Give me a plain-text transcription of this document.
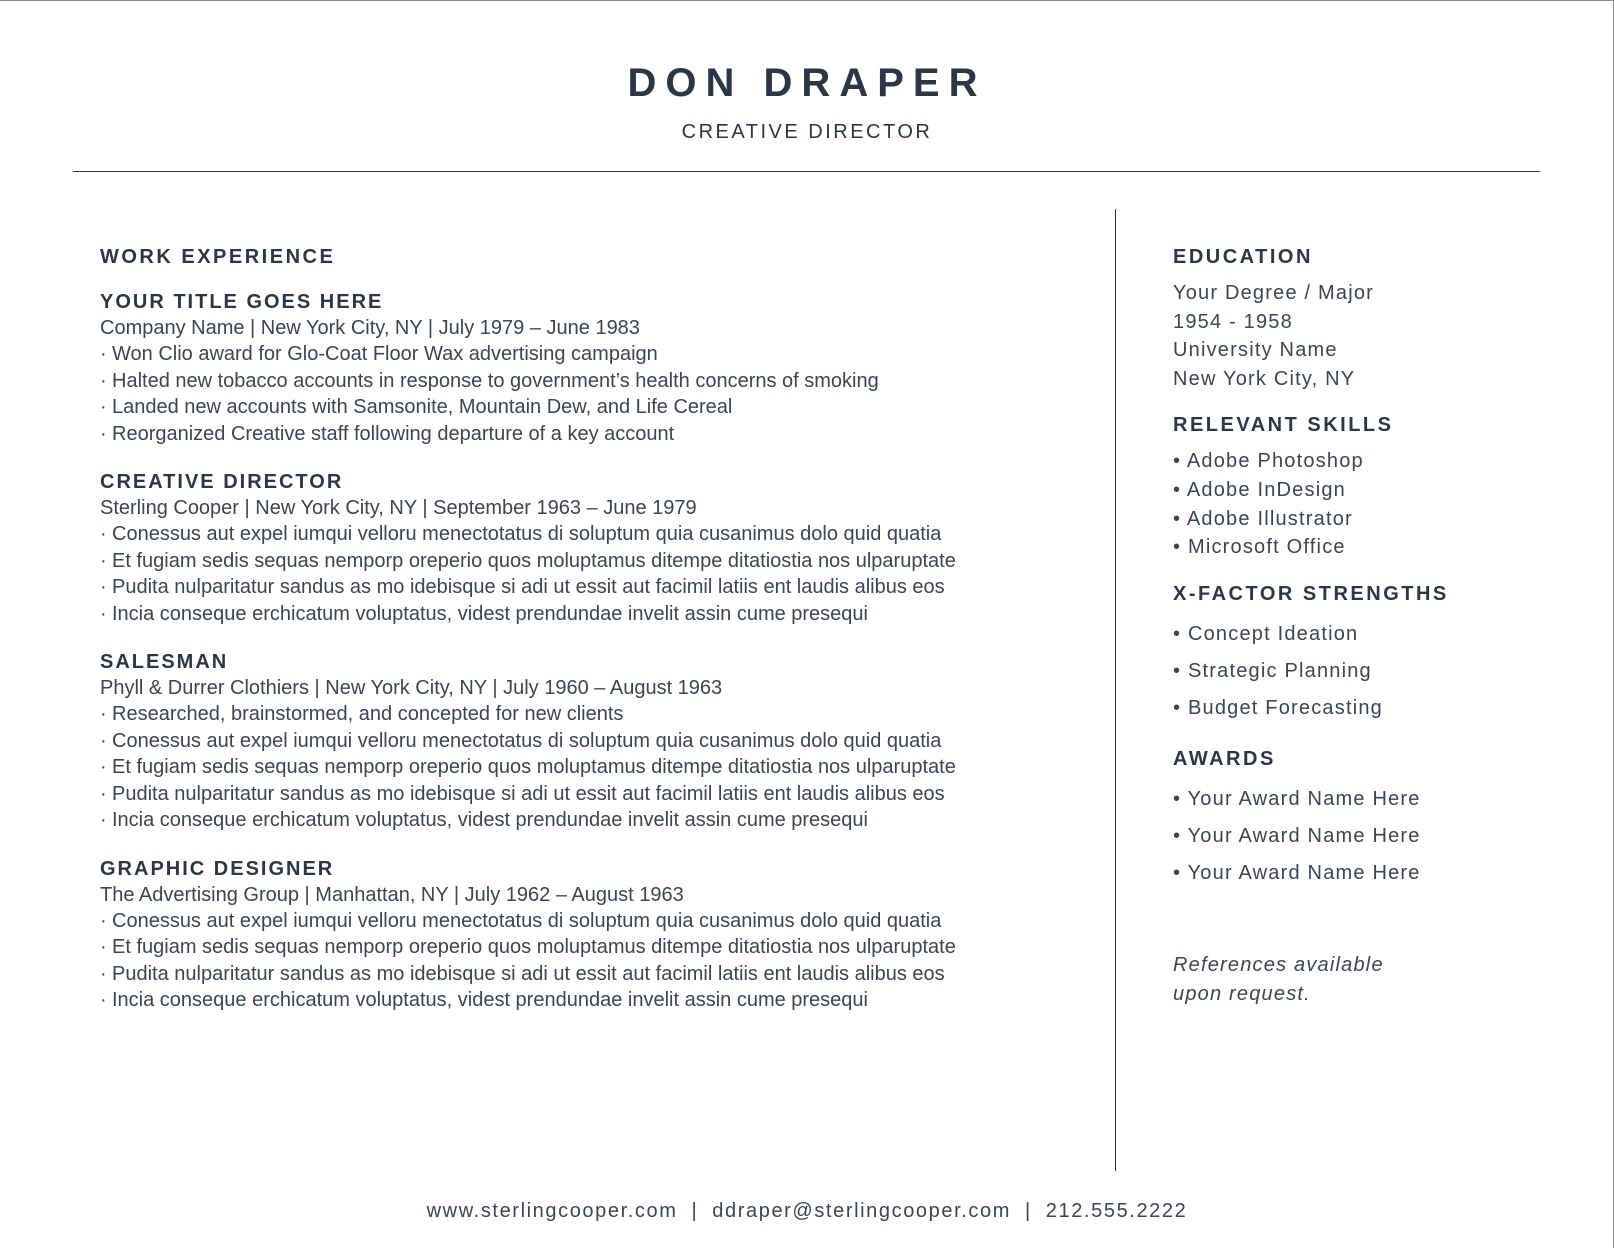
DON DRAPER
CREATIVE DIRECTOR
WORK EXPERIENCE
YOUR TITLE GOES HERE
Company Name | New York City, NY | July 1979 – June 1983
· Won Clio award for Glo-Coat Floor Wax advertising campaign
· Halted new tobacco accounts in response to government’s health concerns of smoking
· Landed new accounts with Samsonite, Mountain Dew, and Life Cereal
· Reorganized Creative staff following departure of a key account
CREATIVE DIRECTOR
Sterling Cooper | New York City, NY | September 1963 – June 1979
· Conessus aut expel iumqui velloru menectotatus di soluptum quia cusanimus dolo quid quatia
· Et fugiam sedis sequas nemporp oreperio quos moluptamus ditempe ditatiostia nos ulparuptate
· Pudita nulparitatur sandus as mo idebisque si adi ut essit aut facimil latiis ent laudis alibus eos
· Incia conseque erchicatum voluptatus, videst prendundae invelit assin cume presequi
SALESMAN
Phyll & Durrer Clothiers | New York City, NY | July 1960 – August 1963
· Researched, brainstormed, and concepted for new clients
· Conessus aut expel iumqui velloru menectotatus di soluptum quia cusanimus dolo quid quatia
· Et fugiam sedis sequas nemporp oreperio quos moluptamus ditempe ditatiostia nos ulparuptate
· Pudita nulparitatur sandus as mo idebisque si adi ut essit aut facimil latiis ent laudis alibus eos
· Incia conseque erchicatum voluptatus, videst prendundae invelit assin cume presequi
GRAPHIC DESIGNER
The Advertising Group | Manhattan, NY | July 1962 – August 1963
· Conessus aut expel iumqui velloru menectotatus di soluptum quia cusanimus dolo quid quatia
· Et fugiam sedis sequas nemporp oreperio quos moluptamus ditempe ditatiostia nos ulparuptate
· Pudita nulparitatur sandus as mo idebisque si adi ut essit aut facimil latiis ent laudis alibus eos
· Incia conseque erchicatum voluptatus, videst prendundae invelit assin cume presequi
EDUCATION
Your Degree / Major
1954 - 1958
University Name
New York City, NY
RELEVANT SKILLS
• Adobe Photoshop
• Adobe InDesign
• Adobe Illustrator
• Microsoft Office
X-FACTOR STRENGTHS
• Concept Ideation
• Strategic Planning
• Budget Forecasting
AWARDS
• Your Award Name Here
• Your Award Name Here
• Your Award Name Here
References available
upon request.
www.sterlingcooper.com | ddraper@sterlingcooper.com | 212.555.2222
